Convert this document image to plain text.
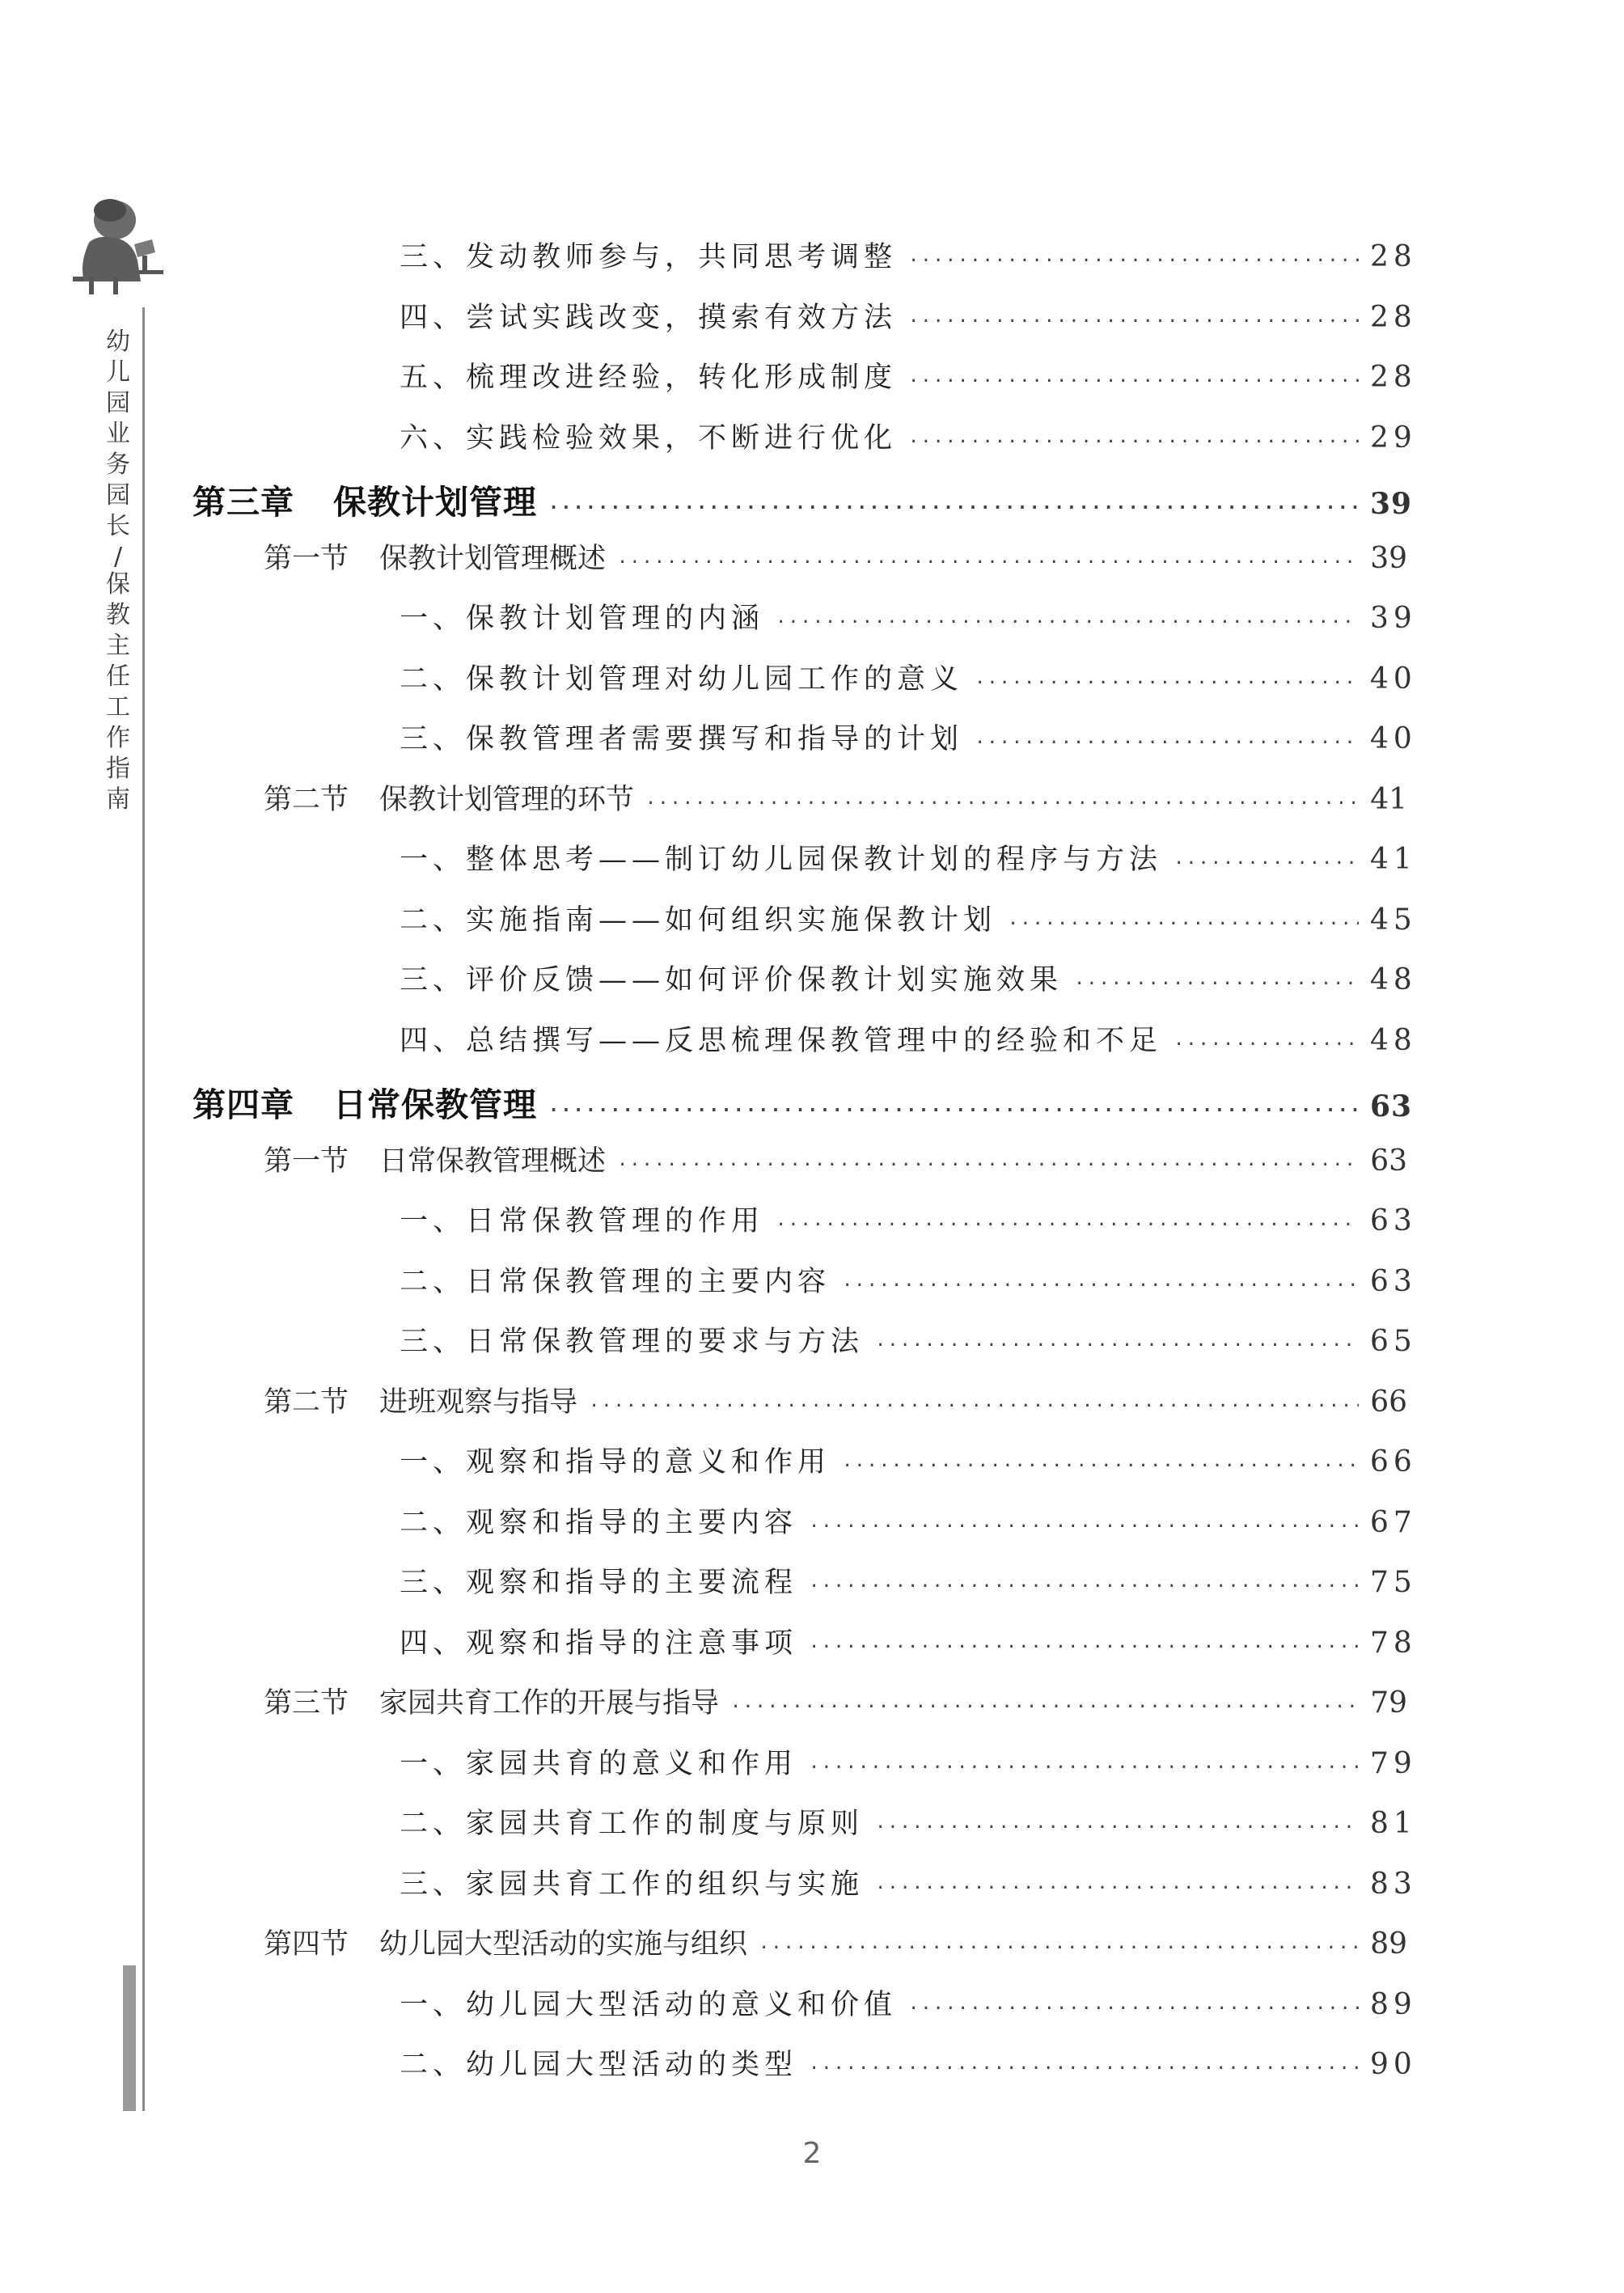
幼
儿
园
业
务
园
长
/
保
教
主
任
工
作
指
南
三、发动教师参与，共同思考调整 ·····	28
四、尝试实践改变，摸索有效方法 ·····	28
五、梳理改进经验，转化形成制度 ·····	28
六、实践检验效果，不断进行优化 ·····	29
第三章 保教计划管理 ·····	39
第一节 保教计划管理概述 ·····	39
一、保教计划管理的内涵 ·····	39
二、保教计划管理对幼儿园工作的意义 ·····	40
三、保教管理者需要撰写和指导的计划 ·····	40
第二节 保教计划管理的环节 ·····	41
一、整体思考——制订幼儿园保教计划的程序与方法 ·····	41
二、实施指南——如何组织实施保教计划 ·····	45
三、评价反馈——如何评价保教计划实施效果 ·····	48
四、总结撰写——反思梳理保教管理中的经验和不足 ·····	48
第四章 日常保教管理 ·····	63
第一节 日常保教管理概述 ·····	63
一、日常保教管理的作用 ·····	63
二、日常保教管理的主要内容 ·····	63
三、日常保教管理的要求与方法 ·····	65
第二节 进班观察与指导 ·····	66
一、观察和指导的意义和作用 ·····	66
二、观察和指导的主要内容 ·····	67
三、观察和指导的主要流程 ·····	75
四、观察和指导的注意事项 ·····	78
第三节 家园共育工作的开展与指导 ·····	79
一、家园共育的意义和作用 ·····	79
二、家园共育工作的制度与原则 ·····	81
三、家园共育工作的组织与实施 ·····	83
第四节 幼儿园大型活动的实施与组织 ·····	89
一、幼儿园大型活动的意义和价值 ·····	89
二、幼儿园大型活动的类型 ·····	90
2
